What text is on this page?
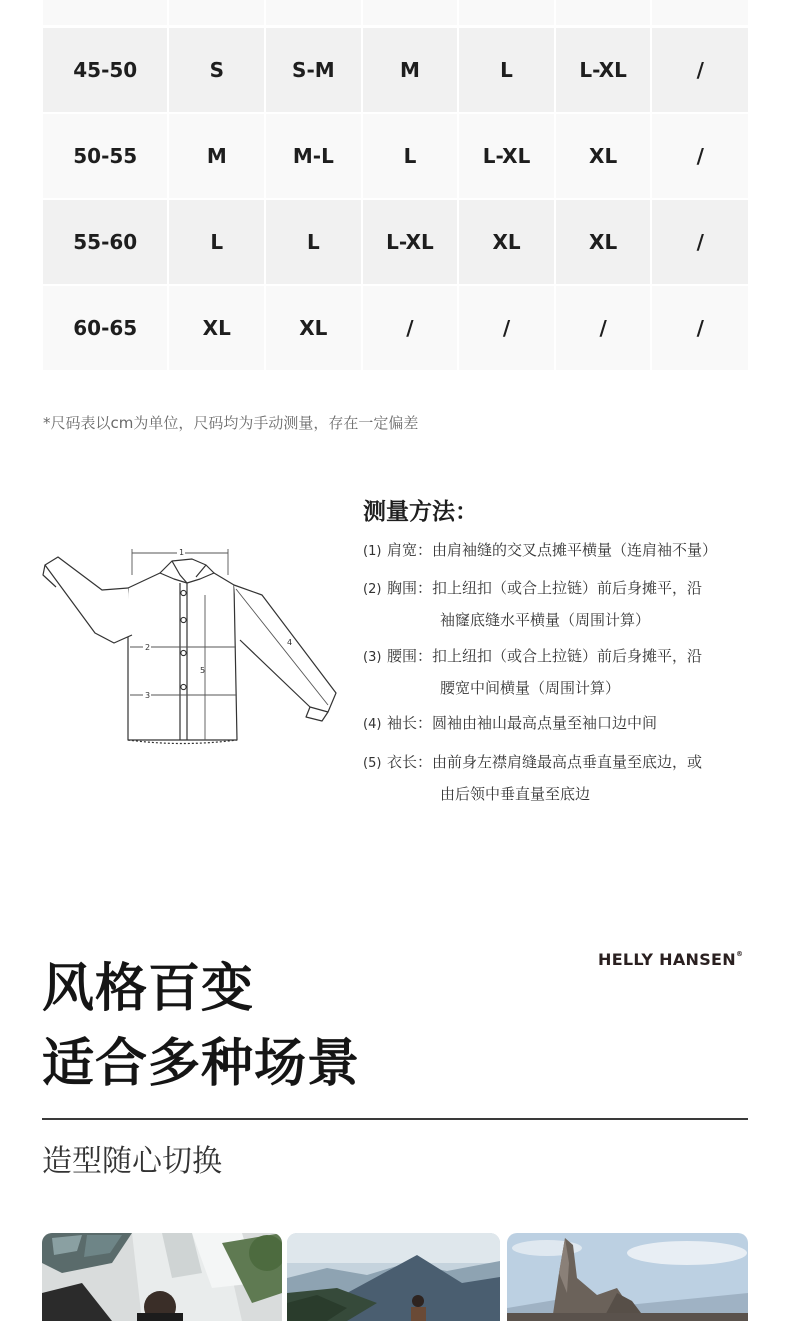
45-50	S	S-M	M	L	L-XL	/
50-55	M	M-L	L	L-XL	XL	/
55-60	L	L	L-XL	XL	XL	/
60-65	XL	XL	/	/	/	/
*尺码表以cm为单位，尺码均为手动测量，存在一定偏差
1
2
3
4
5
测量方法：
(1) 肩宽：由肩袖缝的交叉点摊平横量（连肩袖不量）
(2) 胸围：扣上纽扣（或合上拉链）前后身摊平，沿
袖窿底缝水平横量（周围计算）
(3) 腰围：扣上纽扣（或合上拉链）前后身摊平，沿
腰宽中间横量（周围计算）
(4) 袖长：圆袖由袖山最高点量至袖口边中间
(5) 衣长：由前身左襟肩缝最高点垂直量至底边，或
由后领中垂直量至底边
风格百变
适合多种场景
HELLY HANSEN®
造型随心切换
